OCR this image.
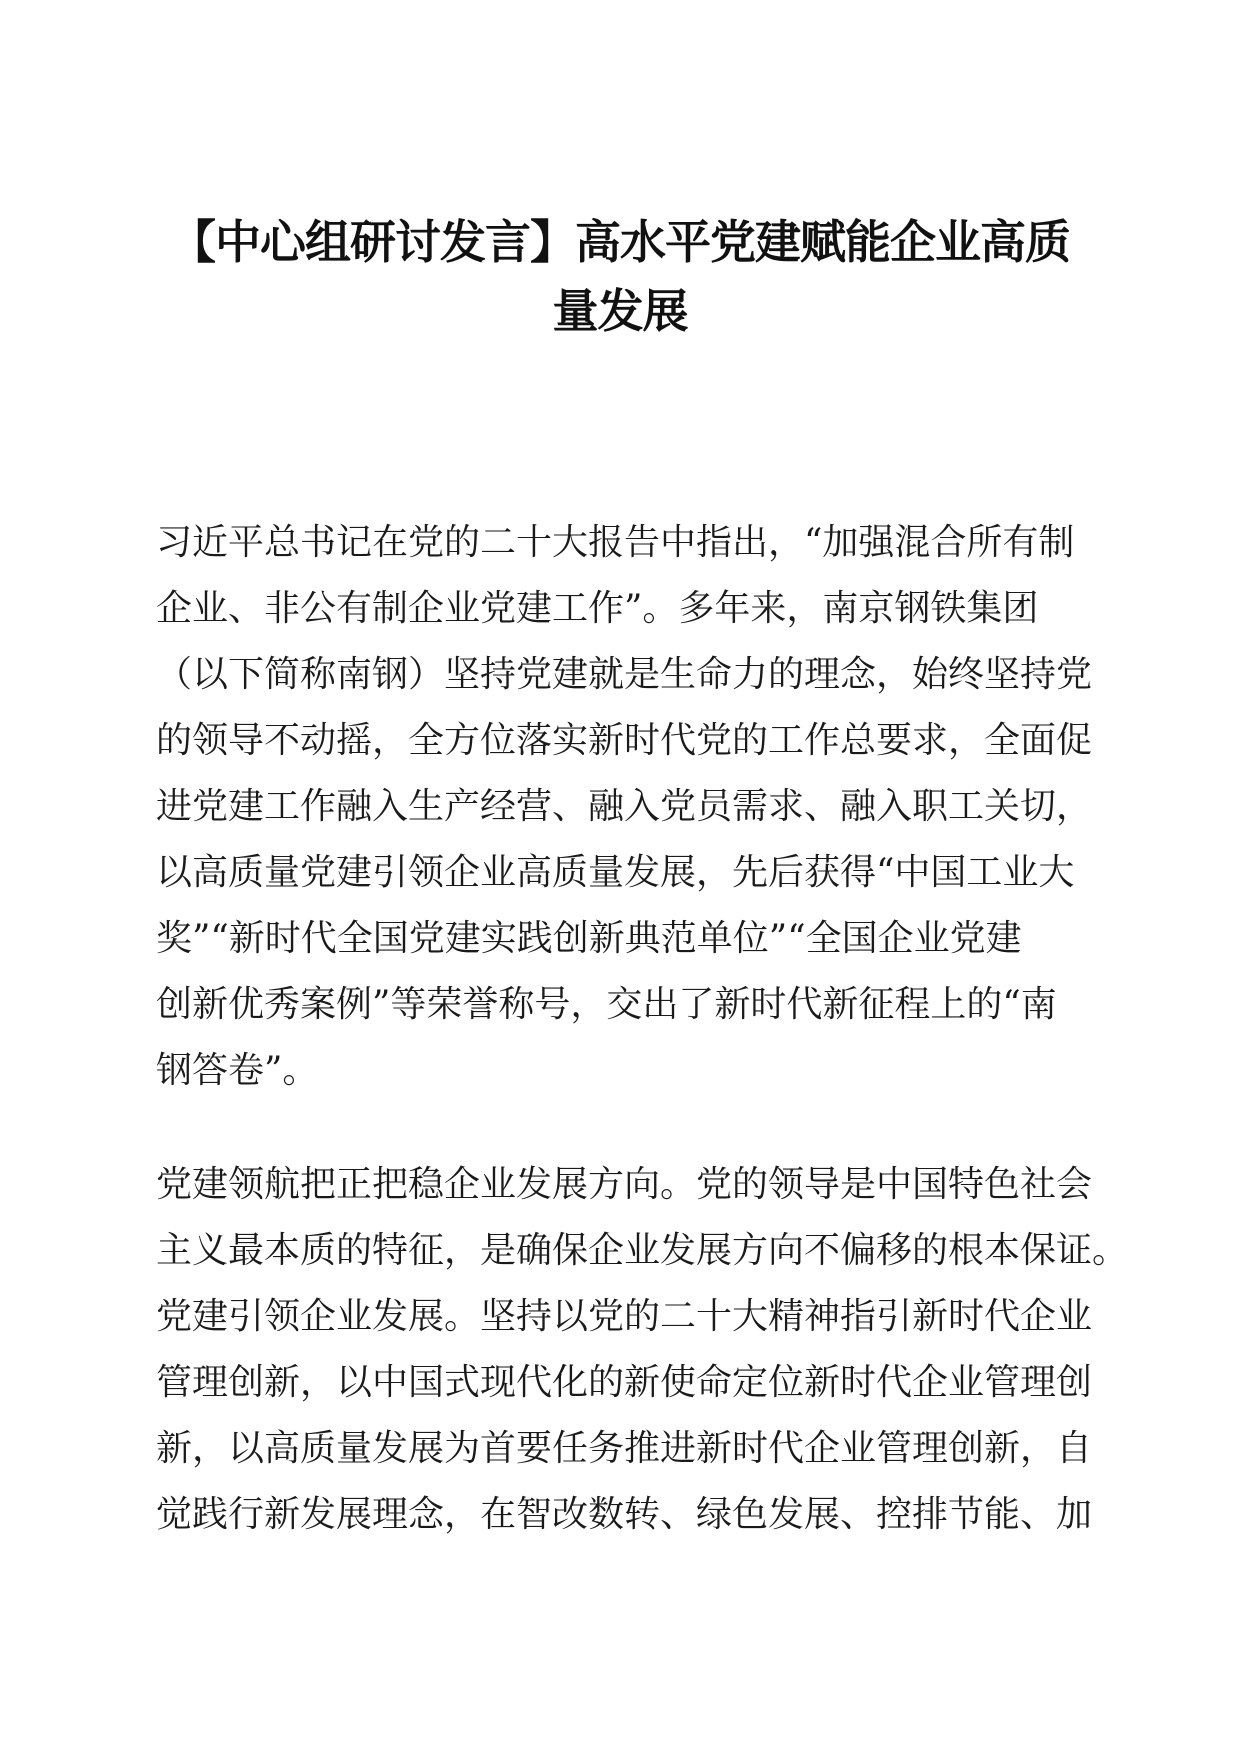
【中心组研讨发言】高水平党建赋能企业高质
量发展

习近平总书记在党的二十大报告中指出，“加强混合所有制
企业、非公有制企业党建工作”。多年来，南京钢铁集团
（以下简称南钢）坚持党建就是生命力的理念，始终坚持党
的领导不动摇，全方位落实新时代党的工作总要求，全面促
进党建工作融入生产经营、融入党员需求、融入职工关切，
以高质量党建引领企业高质量发展，先后获得“中国工业大
奖”“新时代全国党建实践创新典范单位”“全国企业党建
创新优秀案例”等荣誉称号，交出了新时代新征程上的“南
钢答卷”。

党建领航把正把稳企业发展方向。党的领导是中国特色社会
主义最本质的特征，是确保企业发展方向不偏移的根本保证。
党建引领企业发展。坚持以党的二十大精神指引新时代企业
管理创新，以中国式现代化的新使命定位新时代企业管理创
新，以高质量发展为首要任务推进新时代企业管理创新，自
觉践行新发展理念，在智改数转、绿色发展、控排节能、加
